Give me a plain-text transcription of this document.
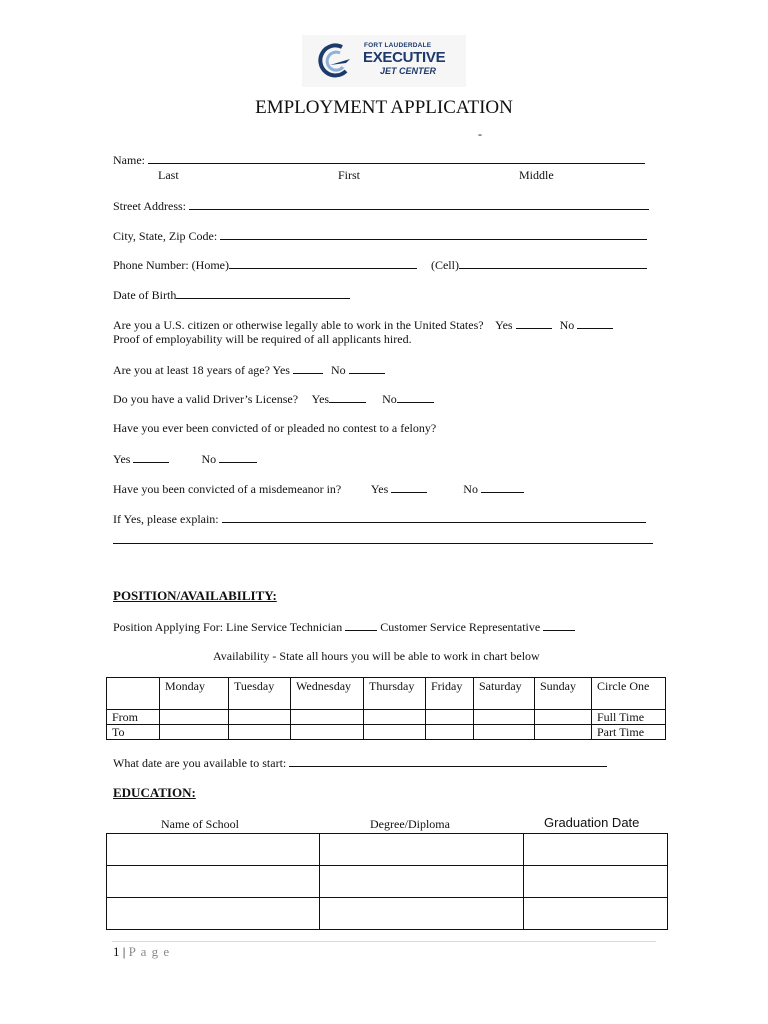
FORT LAUDERDALE
EXECUTIVE
JET CENTER
EMPLOYMENT APPLICATION
-
Name:
Last	First	Middle
Street Address:
City, State, Zip Code:
Phone Number: (Home)	(Cell)
Date of Birth
Are you a U.S. citizen or otherwise legally able to work in the United States? Yes	No
Proof of employability will be required of all applicants hired.
Are you at least 18 years of age? Yes	No
Do you have a valid Driver’s License? Yes	No
Have you ever been convicted of or pleaded no contest to a felony?
Yes	No
Have you been convicted of a misdemeanor in? Yes	No
If Yes, please explain:
POSITION/AVAILABILITY:
Position Applying For: Line Service Technician	Customer Service Representative
Availability - State all hours you will be able to work in chart below
	Monday	Tuesday	Wednesday	Thursday	Friday	Saturday	Sunday	Circle One
From								Full Time
To								Part Time
What date are you available to start:
EDUCATION:
Name of School	Degree/Diploma	Graduation Date

1 | P a g e
